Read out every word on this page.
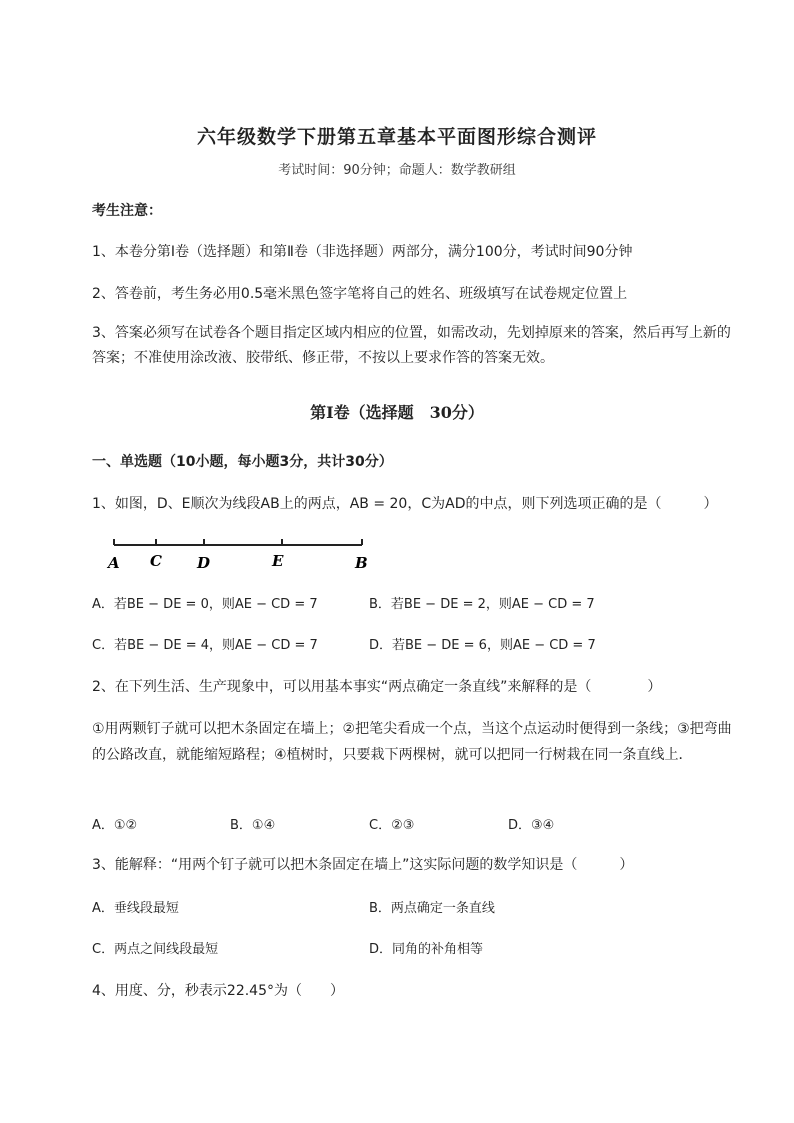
六年级数学下册第五章基本平面图形综合测评
考试时间：90分钟；命题人：数学教研组
考生注意：
1、本卷分第I卷（选择题）和第Ⅱ卷（非选择题）两部分，满分100分，考试时间90分钟
2、答卷前，考生务必用0.5毫米黑色签字笔将自己的姓名、班级填写在试卷规定位置上
3、答案必须写在试卷各个题目指定区域内相应的位置，如需改动，先划掉原来的答案，然后再写上新的答案；不准使用涂改液、胶带纸、修正带，不按以上要求作答的答案无效。
第I卷（选择题　30分）
一、单选题（10小题，每小题3分，共计30分）
1、如图，D、E顺次为线段AB上的两点，AB = 20，C为AD的中点，则下列选项正确的是（　　　）
A C D	E	B
A．若BE − DE = 0，则AE − CD = 7	B．若BE − DE = 2，则AE − CD = 7
C．若BE − DE = 4，则AE − CD = 7	D．若BE − DE = 6，则AE − CD = 7
2、在下列生活、生产现象中，可以用基本事实“两点确定一条直线”来解释的是（　　　　）
①用两颗钉子就可以把木条固定在墙上；②把笔尖看成一个点，当这个点运动时便得到一条线；③把弯曲的公路改直，就能缩短路程；④植树时，只要栽下两棵树，就可以把同一行树栽在同一条直线上．
A．①②	B．①④	C．②③	D．③④
3、能解释：“用两个钉子就可以把木条固定在墙上”这实际问题的数学知识是（　　　）
A．垂线段最短	B．两点确定一条直线
C．两点之间线段最短	D．同角的补角相等
4、用度、分，秒表示22.45°为（　　）
